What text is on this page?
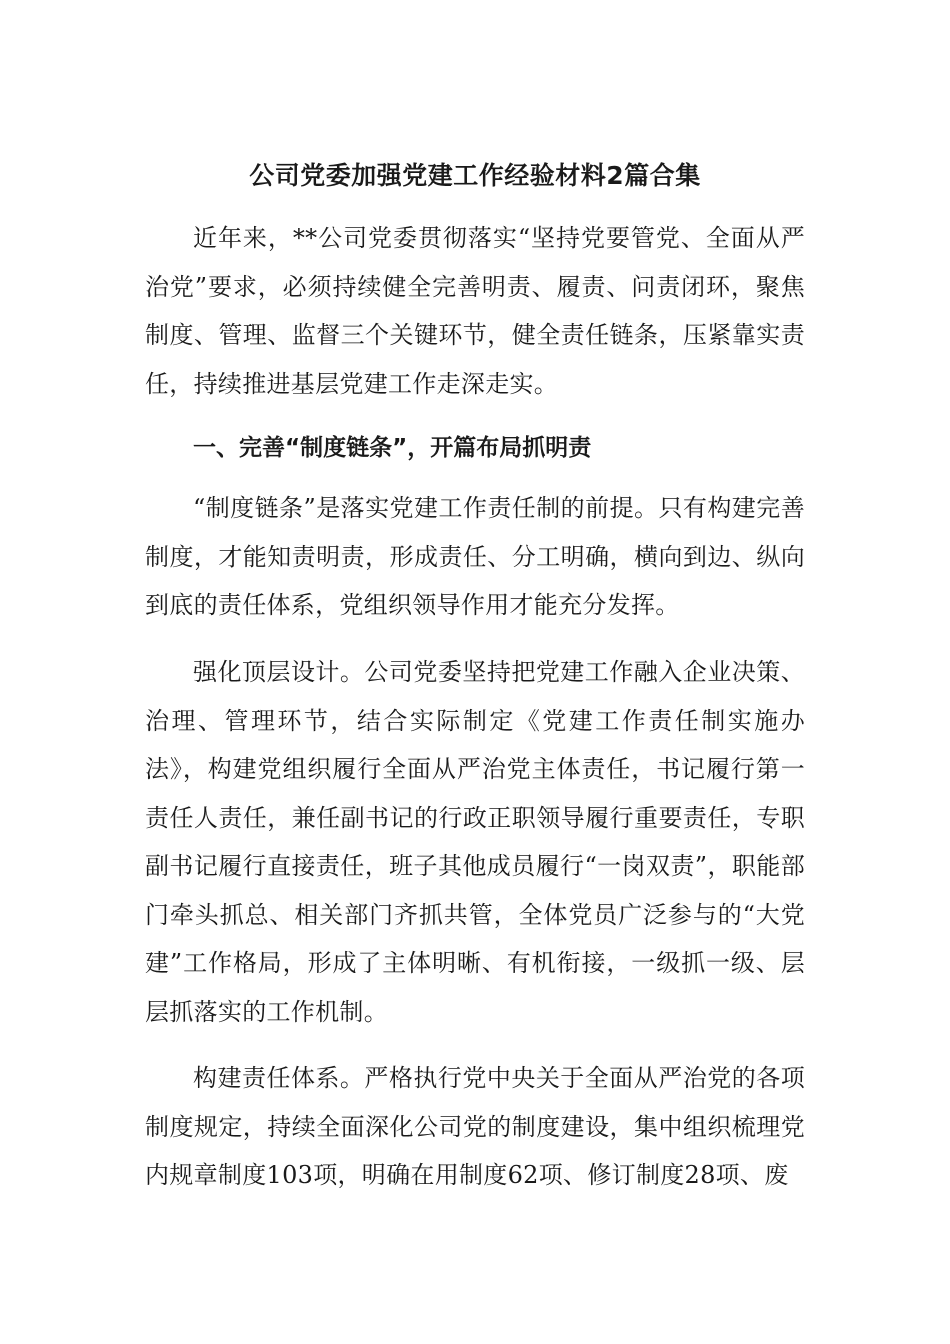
公司党委加强党建工作经验材料2篇合集

近年来，**公司党委贯彻落实“坚持党要管党、全面从严治党”要求，必须持续健全完善明责、履责、问责闭环，聚焦制度、管理、监督三个关键环节，健全责任链条，压紧靠实责任，持续推进基层党建工作走深走实。

一、完善“制度链条”，开篇布局抓明责

“制度链条”是落实党建工作责任制的前提。只有构建完善制度，才能知责明责，形成责任、分工明确，横向到边、纵向到底的责任体系，党组织领导作用才能充分发挥。

强化顶层设计。公司党委坚持把党建工作融入企业决策、治理、管理环节，结合实际制定《党建工作责任制实施办法》，构建党组织履行全面从严治党主体责任，书记履行第一责任人责任，兼任副书记的行政正职领导履行重要责任，专职副书记履行直接责任，班子其他成员履行“一岗双责”，职能部门牵头抓总、相关部门齐抓共管，全体党员广泛参与的“大党建”工作格局，形成了主体明晰、有机衔接，一级抓一级、层层抓落实的工作机制。

构建责任体系。严格执行党中央关于全面从严治党的各项制度规定，持续全面深化公司党的制度建设，集中组织梳理党内规章制度103项，明确在用制度62项、修订制度28项、废
